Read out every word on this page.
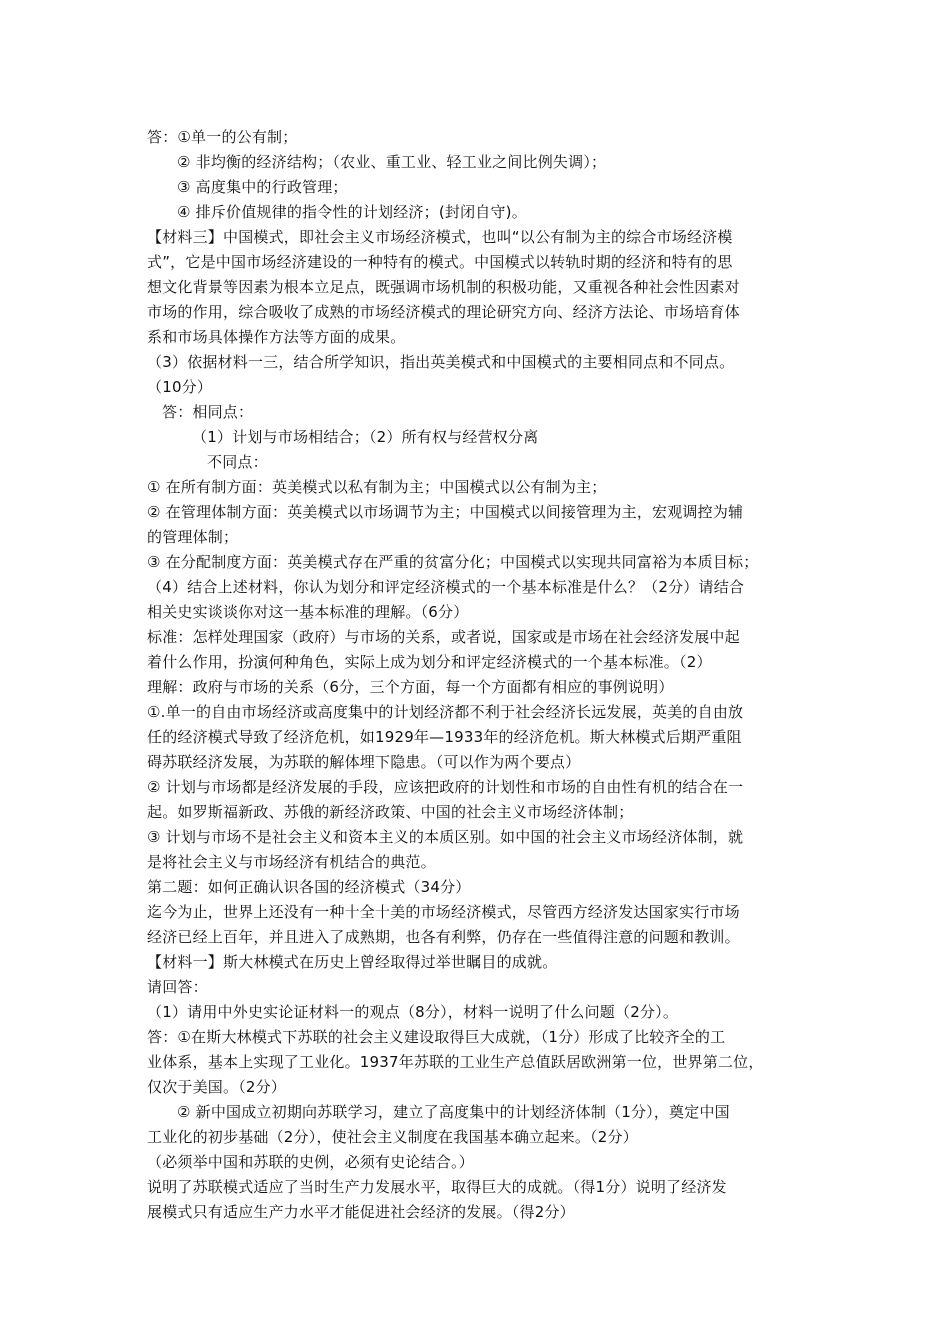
答：①单一的公有制；
② 非均衡的经济结构；（农业、重工业、轻工业之间比例失调）；
③ 高度集中的行政管理；
④ 排斥价值规律的指令性的计划经济；(封闭自守)。
【材料三】中国模式，即社会主义市场经济模式，也叫“以公有制为主的综合市场经济模
式”，它是中国市场经济建设的一种特有的模式。中国模式以转轨时期的经济和特有的思
想文化背景等因素为根本立足点，既强调市场机制的积极功能，又重视各种社会性因素对
市场的作用，综合吸收了成熟的市场经济模式的理论研究方向、经济方法论、市场培育体
系和市场具体操作方法等方面的成果。
（3）依据材料一三，结合所学知识，指出英美模式和中国模式的主要相同点和不同点。
（10分）
答：相同点：
（1）计划与市场相结合；（2）所有权与经营权分离
不同点：
① 在所有制方面：英美模式以私有制为主；中国模式以公有制为主；
② 在管理体制方面：英美模式以市场调节为主；中国模式以间接管理为主，宏观调控为辅
的管理体制；
③ 在分配制度方面：英美模式存在严重的贫富分化；中国模式以实现共同富裕为本质目标；
（4）结合上述材料，你认为划分和评定经济模式的一个基本标准是什么？（2分）请结合
相关史实谈谈你对这一基本标准的理解。（6分）
标准：怎样处理国家（政府）与市场的关系，或者说，国家或是市场在社会经济发展中起
着什么作用，扮演何种角色，实际上成为划分和评定经济模式的一个基本标准。（2）
理解：政府与市场的关系（6分，三个方面，每一个方面都有相应的事例说明）
①.单一的自由市场经济或高度集中的计划经济都不利于社会经济长远发展，英美的自由放
任的经济模式导致了经济危机，如1929年—1933年的经济危机。斯大林模式后期严重阻
碍苏联经济发展，为苏联的解体埋下隐患。（可以作为两个要点）
② 计划与市场都是经济发展的手段，应该把政府的计划性和市场的自由性有机的结合在一
起。如罗斯福新政、苏俄的新经济政策、中国的社会主义市场经济体制；
③ 计划与市场不是社会主义和资本主义的本质区别。如中国的社会主义市场经济体制，就
是将社会主义与市场经济有机结合的典范。
第二题：如何正确认识各国的经济模式（34分）
迄今为止，世界上还没有一种十全十美的市场经济模式，尽管西方经济发达国家实行市场
经济已经上百年，并且进入了成熟期，也各有利弊，仍存在一些值得注意的问题和教训。
【材料一】斯大林模式在历史上曾经取得过举世瞩目的成就。
请回答：
（1）请用中外史实论证材料一的观点（8分），材料一说明了什么问题（2分）。
答：①在斯大林模式下苏联的社会主义建设取得巨大成就，（1分）形成了比较齐全的工
业体系，基本上实现了工业化。1937年苏联的工业生产总值跃居欧洲第一位，世界第二位，
仅次于美国。（2分）
② 新中国成立初期向苏联学习，建立了高度集中的计划经济体制（1分），奠定中国
工业化的初步基础（2分），使社会主义制度在我国基本确立起来。（2分）
（必须举中国和苏联的史例，必须有史论结合。）
说明了苏联模式适应了当时生产力发展水平，取得巨大的成就。（得1分）说明了经济发
展模式只有适应生产力水平才能促进社会经济的发展。（得2分）
